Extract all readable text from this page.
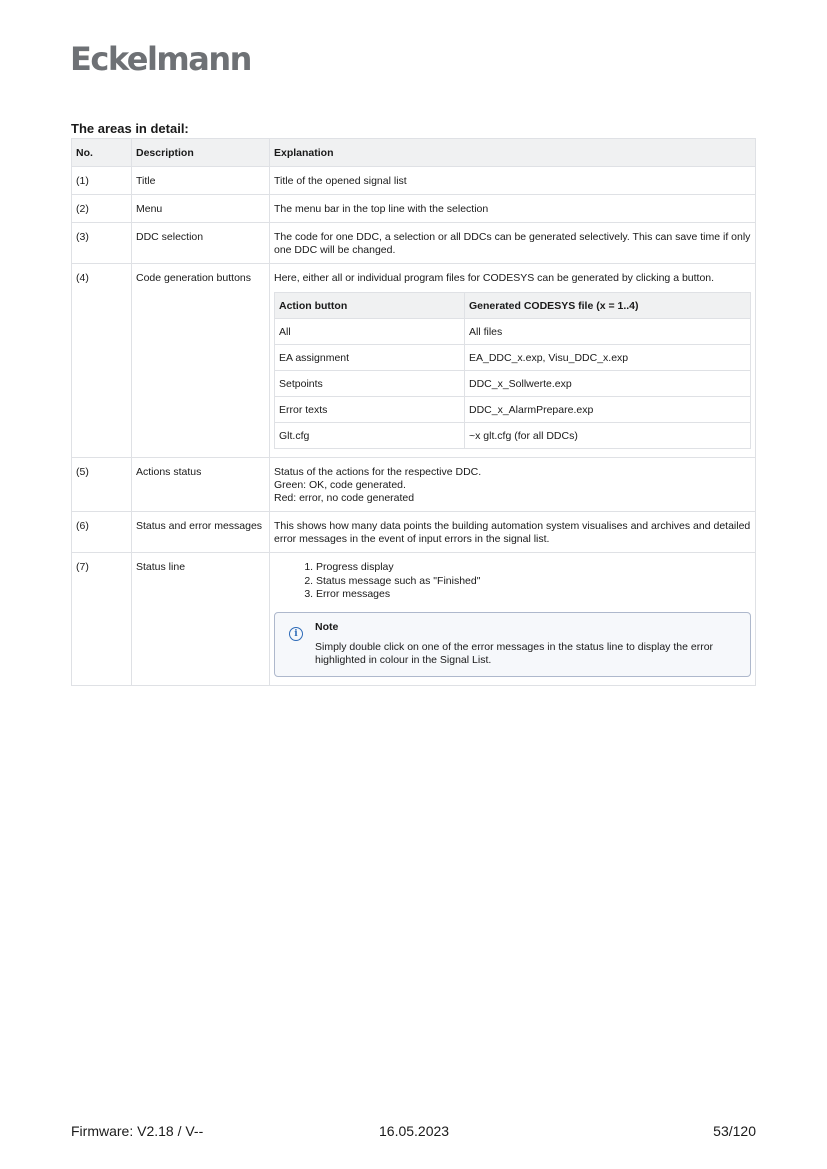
Eckelmann
The areas in detail:
No.	Description	Explanation
(1)	Title	Title of the opened signal list
(2)	Menu	The menu bar in the top line with the selection
(3)	DDC selection	The code for one DDC, a selection or all DDCs can be generated selectively. This can save time if only one DDC will be changed.
(4)	Code generation buttons	Here, either all or individual program files for CODESYS can be generated by clicking a button.
Action button	Generated CODESYS file (x = 1..4)
All	All files
EA assignment	EA_DDC_x.exp, Visu_DDC_x.exp
Setpoints	DDC_x_Sollwerte.exp
Error texts	DDC_x_AlarmPrepare.exp
Glt.cfg	~x glt.cfg (for all DDCs)

(5)	Actions status	Status of the actions for the respective DDC.
Green: OK, code generated.
Red: error, no code generated

(6)	Status and error messages	This shows how many data points the building automation system visualises and archives and detailed error messages in the event of input errors in the signal list.
(7)	Status line	
1.Progress display
2. Status message such as "Finished"
3. Error messages
i
Note
Simply double click on one of the error messages in the status line to display the error highlighted in colour in the Signal List.
Firmware: V2.18 / V--	16.05.2023	53/120
